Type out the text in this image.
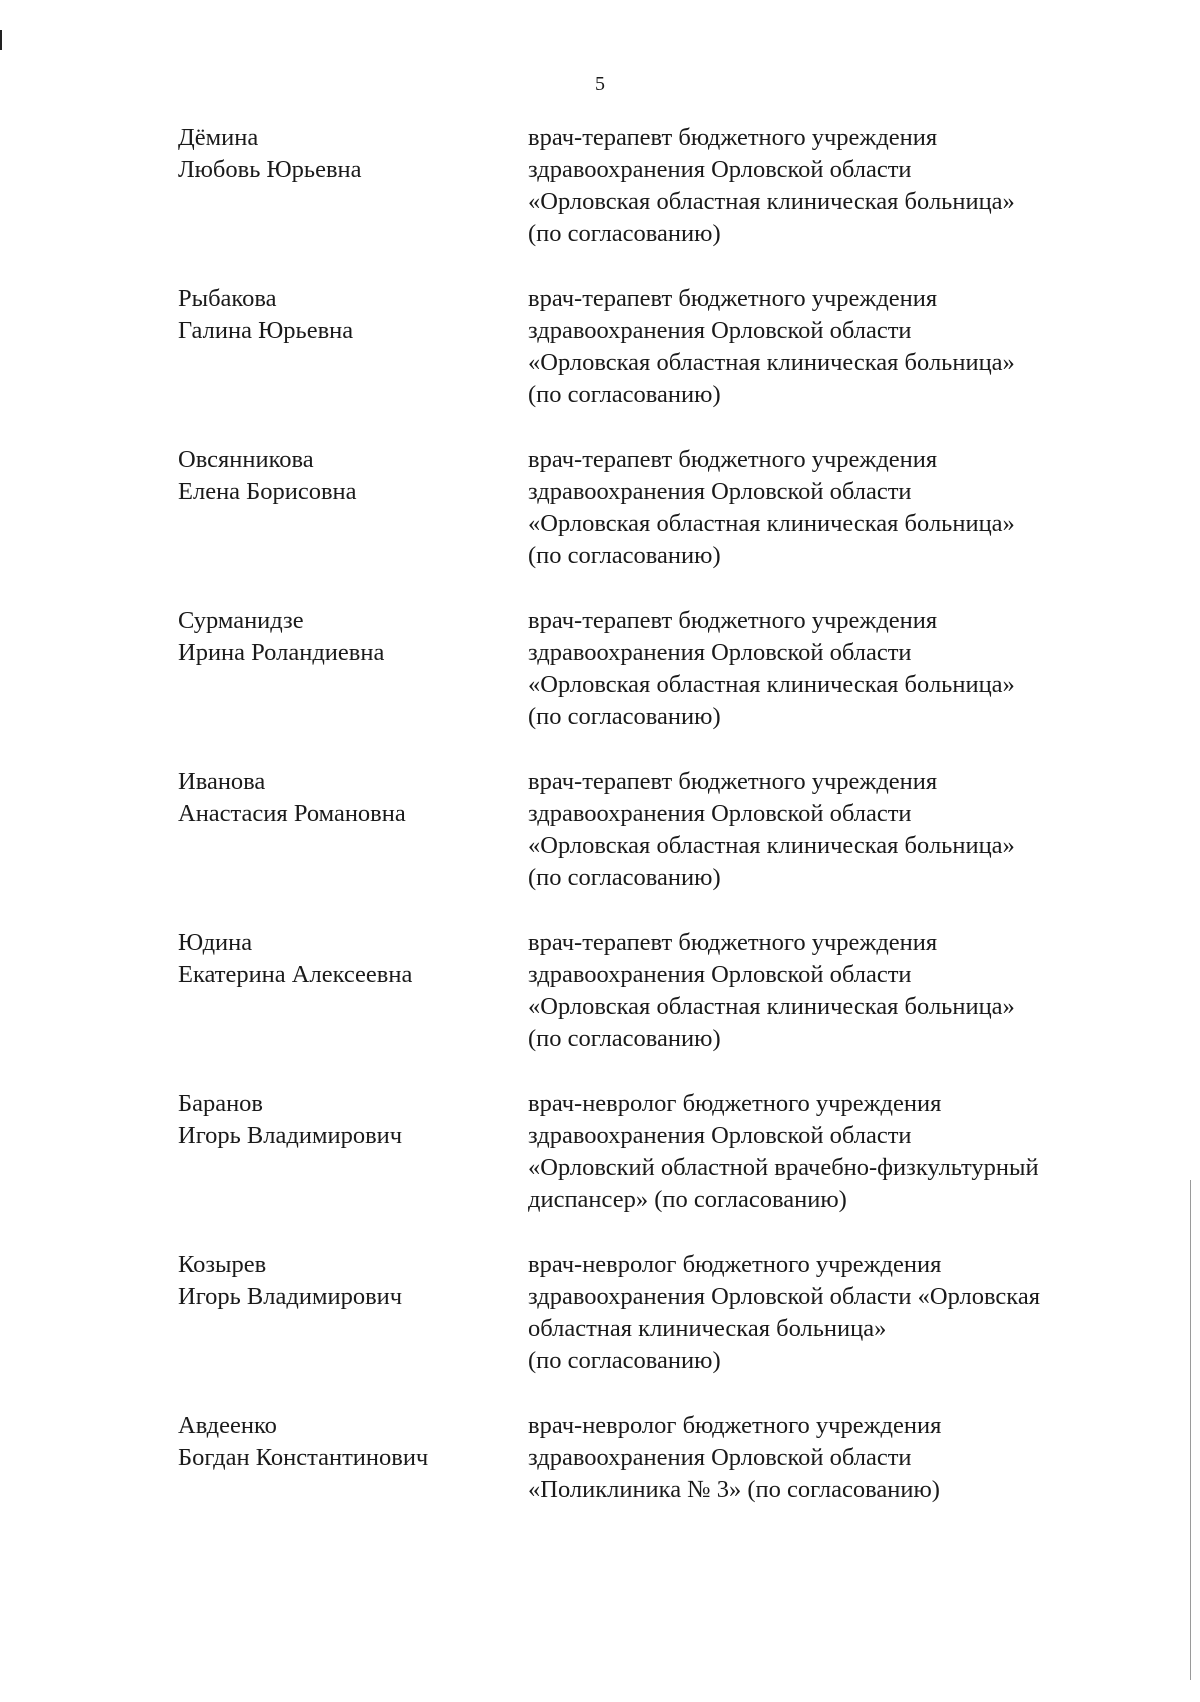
5
Дёмина
Любовь Юрьевна
врач-терапевт бюджетного учреждения
здравоохранения Орловской области
«Орловская областная клиническая больница»
(по согласованию)
Рыбакова
Галина Юрьевна
врач-терапевт бюджетного учреждения
здравоохранения Орловской области
«Орловская областная клиническая больница»
(по согласованию)
Овсянникова
Елена Борисовна
врач-терапевт бюджетного учреждения
здравоохранения Орловской области
«Орловская областная клиническая больница»
(по согласованию)
Сурманидзе
Ирина Роландиевна
врач-терапевт бюджетного учреждения
здравоохранения Орловской области
«Орловская областная клиническая больница»
(по согласованию)
Иванова
Анастасия Романовна
врач-терапевт бюджетного учреждения
здравоохранения Орловской области
«Орловская областная клиническая больница»
(по согласованию)
Юдина
Екатерина Алексеевна
врач-терапевт бюджетного учреждения
здравоохранения Орловской области
«Орловская областная клиническая больница»
(по согласованию)
Баранов
Игорь Владимирович
врач-невролог бюджетного учреждения
здравоохранения Орловской области
«Орловский областной врачебно-физкультурный
диспансер» (по согласованию)
Козырев
Игорь Владимирович
врач-невролог бюджетного учреждения
здравоохранения Орловской области «Орловская
областная клиническая больница»
(по согласованию)
Авдеенко
Богдан Константинович
врач-невролог бюджетного учреждения
здравоохранения Орловской области
«Поликлиника № 3» (по согласованию)
